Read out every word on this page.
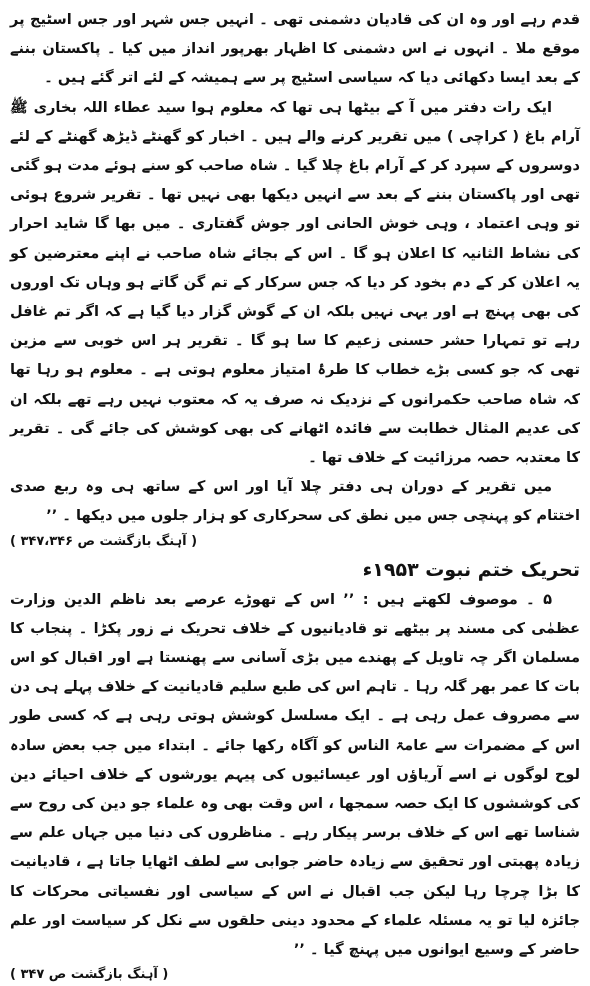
قدم رہے اور وہ ان کی قادیان دشمنی تھی ۔ انہیں جس شہر اور جس اسٹیج پر موقع ملا ۔ انہوں نے اس دشمنی کا اظہار بھرپور انداز میں کیا ۔ پاکستان بننے کے بعد ایسا دکھائی دیا کہ سیاسی اسٹیج پر سے ہمیشہ کے لئے اتر گئے ہیں ۔

ایک رات دفتر میں آ کے بیٹھا ہی تھا کہ معلوم ہوا سید عطاء اللہ بخاری ﷺ آرام باغ ( کراچی ) میں تقریر کرنے والے ہیں ۔ اخبار کو گھنٹے ڈیڑھ گھنٹے کے لئے دوسروں کے سپرد کر کے آرام باغ چلا گیا ۔ شاہ صاحب کو سنے ہوئے مدت ہو گئی تھی اور پاکستان بننے کے بعد سے انہیں دیکھا بھی نہیں تھا ۔ تقریر شروع ہوئی تو وہی اعتماد ، وہی خوش الحانی اور جوش گفتاری ۔ میں بھا گا شاید احرار کی نشاط الثانیہ کا اعلان ہو گا ۔ اس کے بجائے شاہ صاحب نے اپنے معترضین کو یہ اعلان کر کے دم بخود کر دیا کہ جس سرکار کے تم گن گاتے ہو وہاں تک اوروں کی بھی پہنچ ہے اور یہی نہیں بلکہ ان کے گوش گزار دیا گیا ہے کہ اگر تم غافل رہے تو تمہارا حشر حسنی زعیم کا سا ہو گا ۔ تقریر ہر اس خوبی سے مزین تھی کہ جو کسی بڑے خطاب کا طرۂ امتیاز معلوم ہوتی ہے ۔ معلوم ہو رہا تھا کہ شاہ صاحب حکمرانوں کے نزدیک نہ صرف یہ کہ معتوب نہیں رہے تھے بلکہ ان کی عدیم المثال خطابت سے فائدہ اٹھانے کی بھی کوشش کی جائے گی ۔ تقریر کا معتدبہ حصہ مرزائیت کے خلاف تھا ۔

میں تقریر کے دوران ہی دفتر چلا آیا اور اس کے ساتھ ہی وہ ربع صدی اختتام کو پہنچی جس میں نطق کی سحرکاری کو ہزار جلوں میں دیکھا ۔ ’’

( آہنگ بازگشت ص ۳۴۷،۳۴۶ )

تحریک ختم نبوت ۱۹۵۳ء

۵ ۔ موصوف لکھتے ہیں : ’’ اس کے تھوڑے عرصے بعد ناظم الدین وزارت عظمٰی کی مسند پر بیٹھے تو قادیانیوں کے خلاف تحریک نے زور پکڑا ۔ پنجاب کا مسلمان اگر چہ تاویل کے پھندے میں بڑی آسانی سے پھنستا ہے اور اقبال کو اس بات کا عمر بھر گلہ رہا ۔ تاہم اس کی طبع سلیم قادیانیت کے خلاف پہلے ہی دن سے مصروف عمل رہی ہے ۔ ایک مسلسل کوشش ہوتی رہی ہے کہ کسی طور اس کے مضمرات سے عامۃ الناس کو آگاہ رکھا جائے ۔ ابتداء میں جب بعض سادہ لوح لوگوں نے اسے آریاؤں اور عیسائیوں کی پیہم یورشوں کے خلاف احیائے دین کی کوششوں کا ایک حصہ سمجھا ، اس وقت بھی وہ علماء جو دین کی روح سے شناسا تھے اس کے خلاف برسر پیکار رہے ۔ مناظروں کی دنیا میں جہاں علم سے زیادہ پھبتی اور تحقیق سے زیادہ حاضر جوابی سے لطف اٹھایا جاتا ہے ، قادیانیت کا بڑا چرچا رہا لیکن جب اقبال نے اس کے سیاسی اور نفسیاتی محرکات کا جائزہ لیا تو یہ مسئلہ علماء کے محدود دینی حلقوں سے نکل کر سیاست اور علم حاضر کے وسیع ایوانوں میں پہنچ گیا ۔ ’’

( آہنگ بازگشت ص ۳۴۷ )
